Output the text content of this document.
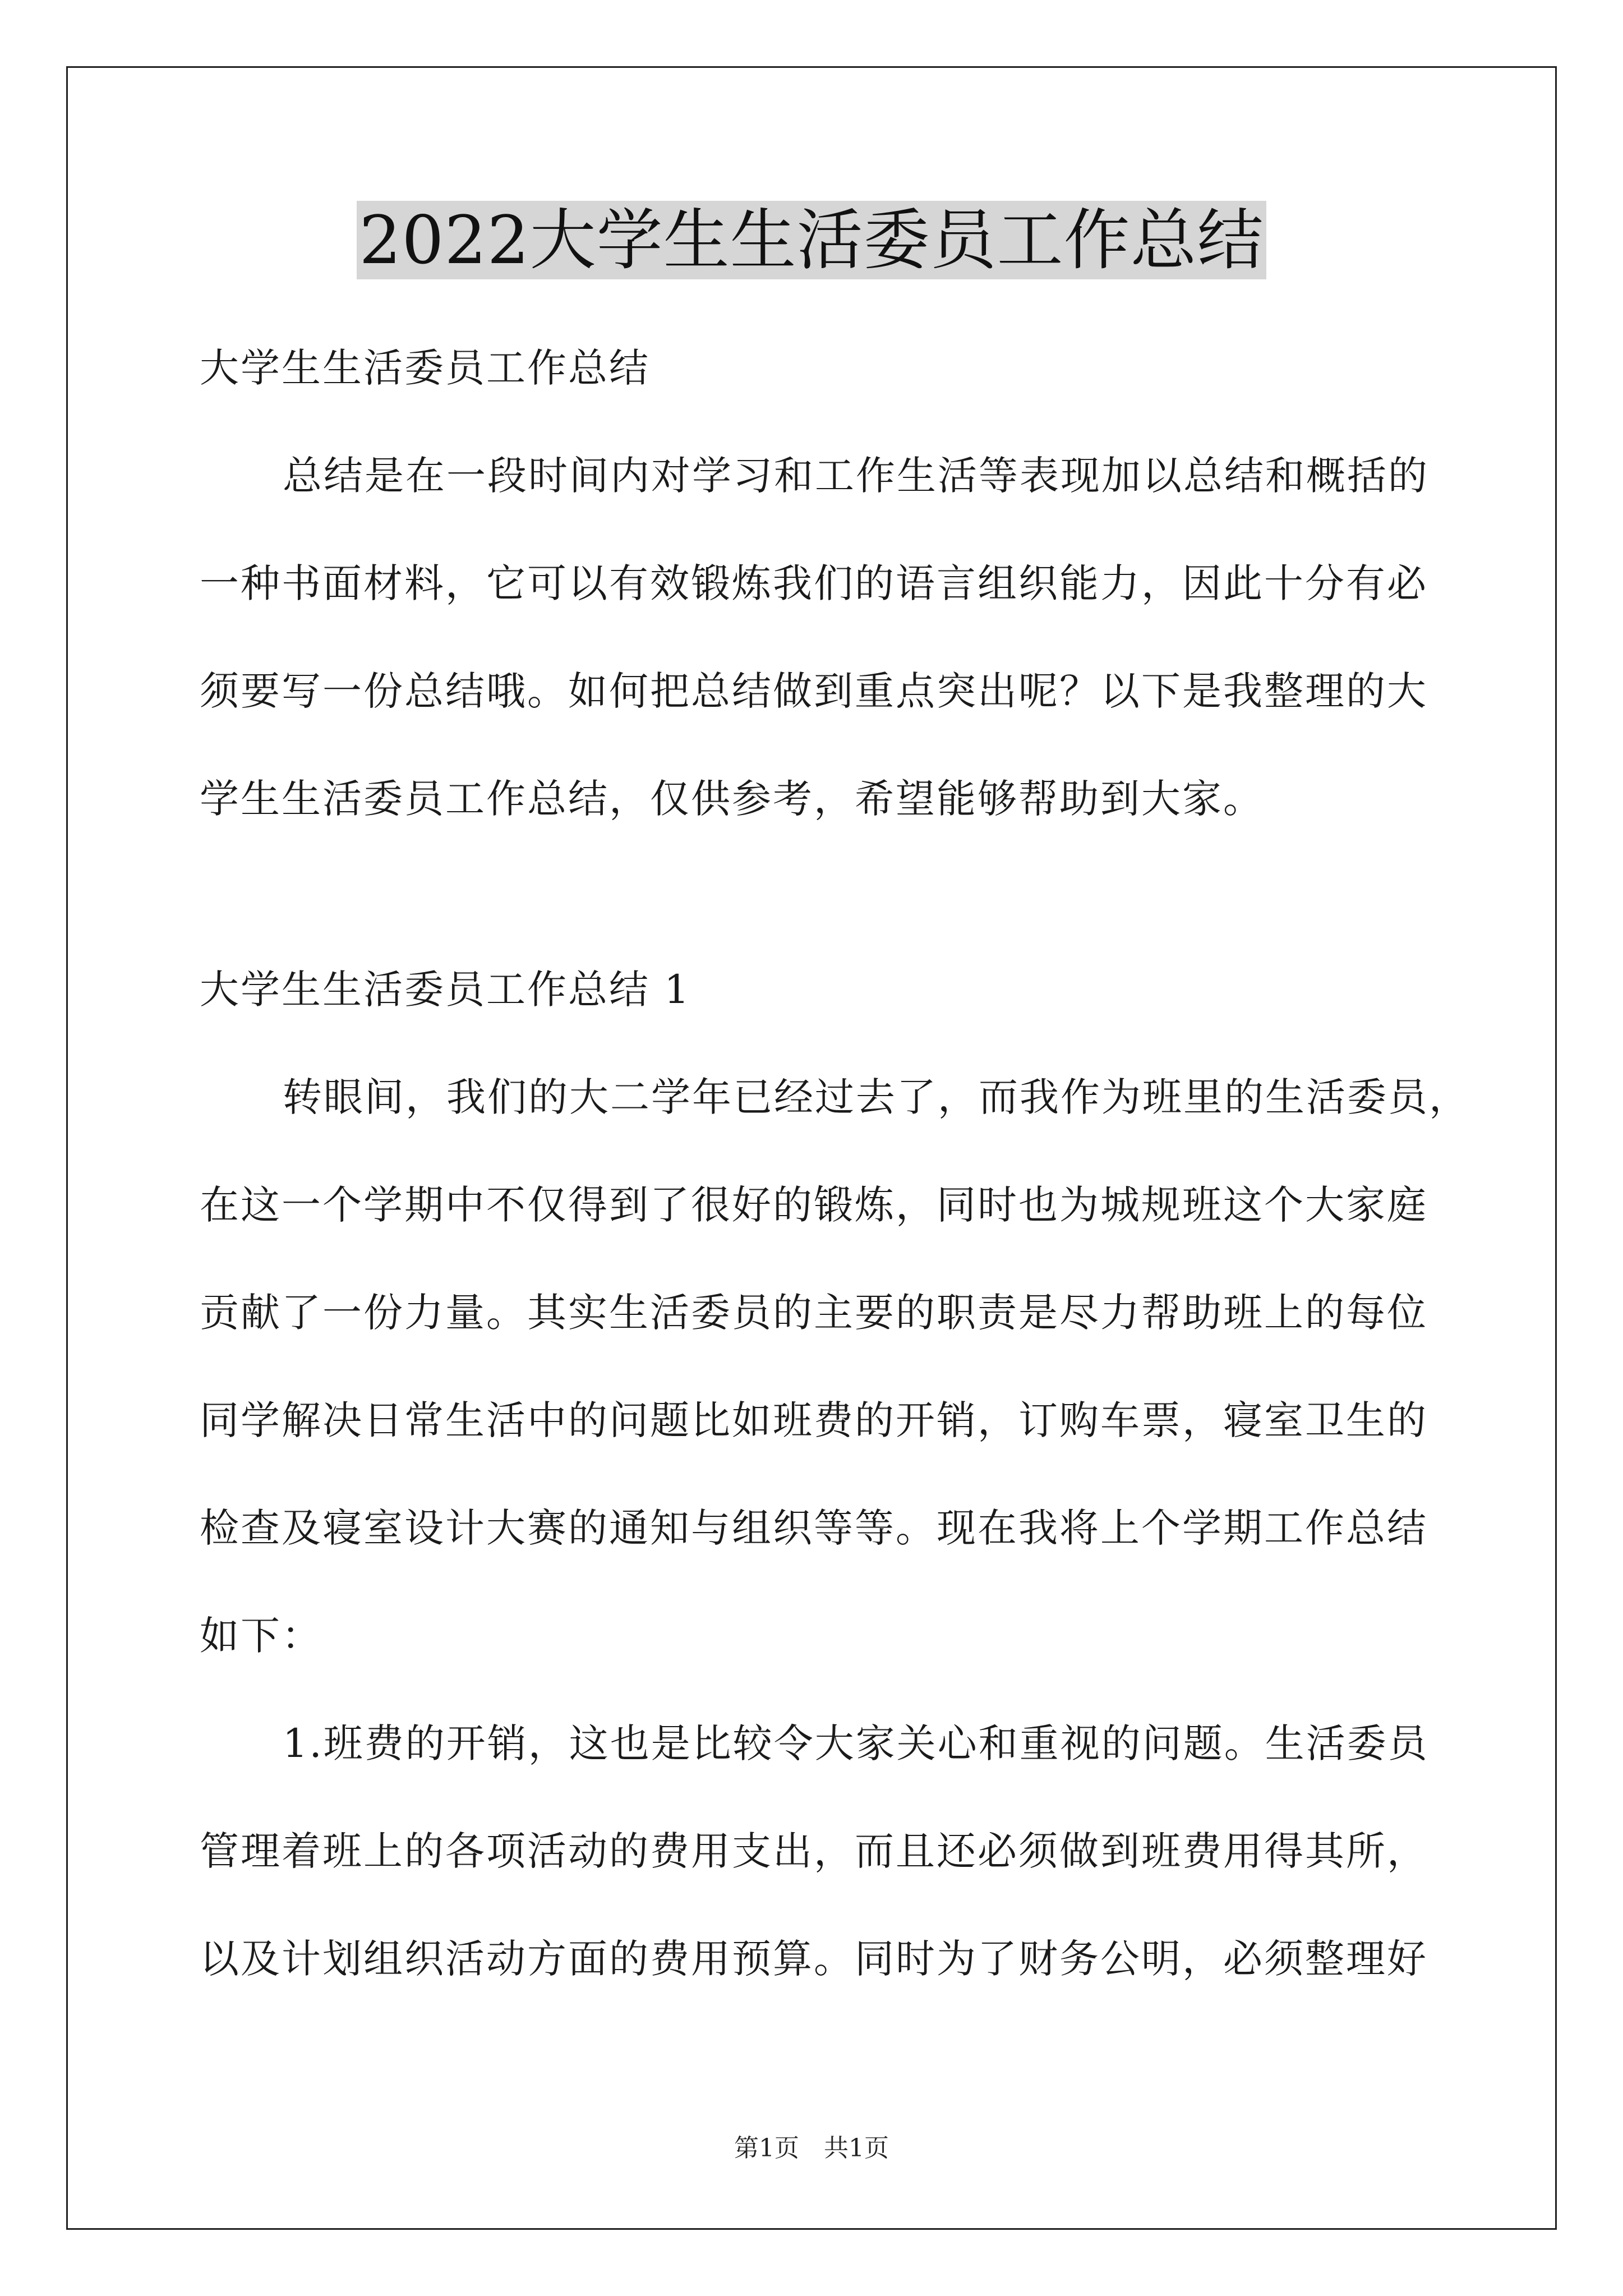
2022大学生生活委员工作总结

大学生生活委员工作总结

总结是在一段时间内对学习和工作生活等表现加以总结和概括的

一种书面材料，它可以有效锻炼我们的语言组织能力，因此十分有必

须要写一份总结哦。如何把总结做到重点突出呢？以下是我整理的大

学生生活委员工作总结，仅供参考，希望能够帮助到大家。

大学生生活委员工作总结 1

转眼间，我们的大二学年已经过去了，而我作为班里的生活委员，

在这一个学期中不仅得到了很好的锻炼，同时也为城规班这个大家庭

贡献了一份力量。其实生活委员的主要的职责是尽力帮助班上的每位

同学解决日常生活中的问题比如班费的开销，订购车票，寝室卫生的

检查及寝室设计大赛的通知与组织等等。现在我将上个学期工作总结

如下：

1.班费的开销，这也是比较令大家关心和重视的问题。生活委员

管理着班上的各项活动的费用支出，而且还必须做到班费用得其所，

以及计划组织活动方面的费用预算。同时为了财务公明，必须整理好

第1页　共1页
